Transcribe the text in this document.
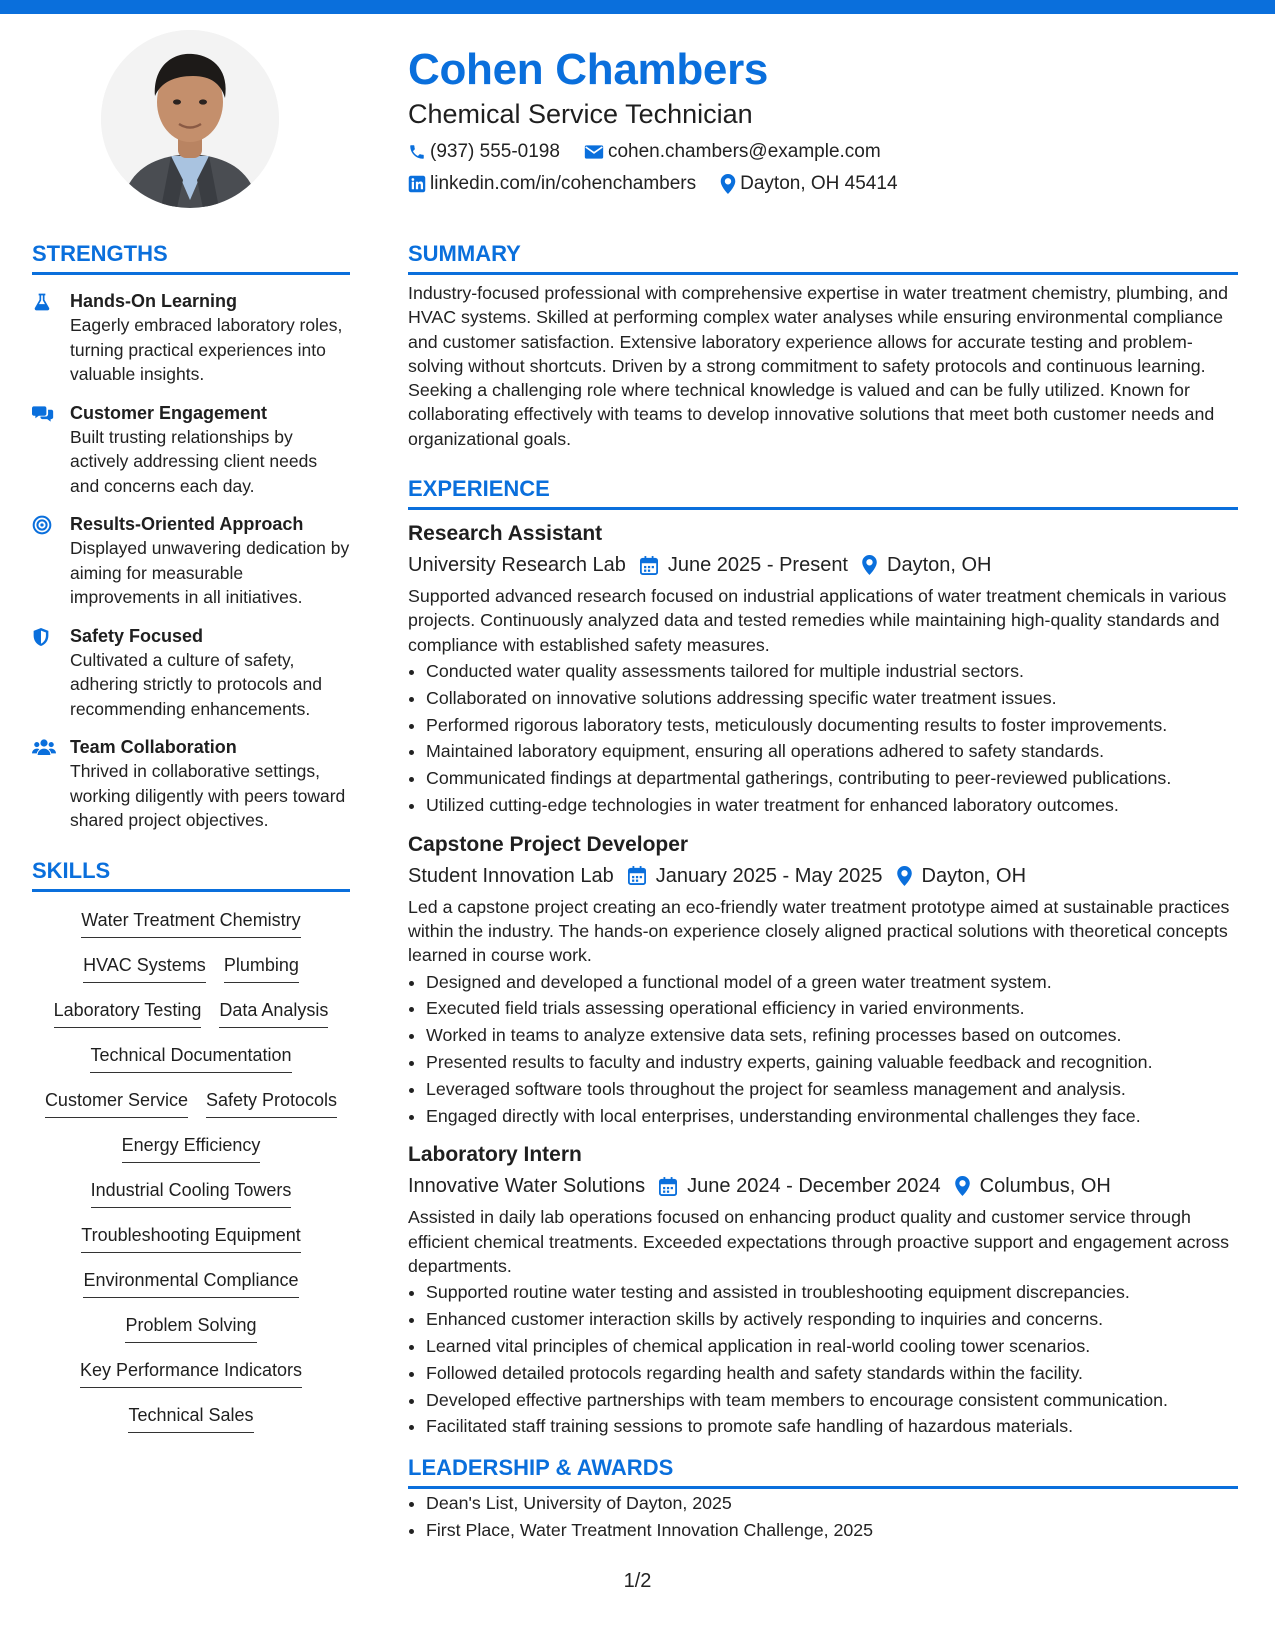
Cohen Chambers
Chemical Service Technician
(937) 555-0198	cohen.chambers@example.com
linkedin.com/in/cohenchambers Dayton, OH 45414
STRENGTHS
Hands-On Learning
Eagerly embraced laboratory roles, turning practical experiences into valuable insights.
Customer Engagement
Built trusting relationships by actively addressing client needs and concerns each day.
Results-Oriented Approach
Displayed unwavering dedication by aiming for measurable improvements in all initiatives.
Safety Focused
Cultivated a culture of safety, adhering strictly to protocols and recommending enhancements.
Team Collaboration
Thrived in collaborative settings, working diligently with peers toward shared project objectives.
SKILLS
Water Treatment Chemistry
HVAC Systems Plumbing
Laboratory Testing Data Analysis
Technical Documentation
Customer Service Safety Protocols
Energy Efficiency
Industrial Cooling Towers
Troubleshooting Equipment
Environmental Compliance
Problem Solving
Key Performance Indicators
Technical Sales
SUMMARY
Industry-focused professional with comprehensive expertise in water treatment chemistry, plumbing, and HVAC systems. Skilled at performing complex water analyses while ensuring environmental compliance and customer satisfaction. Extensive laboratory experience allows for accurate testing and problem-solving without shortcuts. Driven by a strong commitment to safety protocols and continuous learning. Seeking a challenging role where technical knowledge is valued and can be fully utilized. Known for collaborating effectively with teams to develop innovative solutions that meet both customer needs and organizational goals.
EXPERIENCE
Research Assistant
University Research Lab June 2025 - Present Dayton, OH
Supported advanced research focused on industrial applications of water treatment chemicals in various projects. Continuously analyzed data and tested remedies while maintaining high-quality standards and compliance with established safety measures.
• Conducted water quality assessments tailored for multiple industrial sectors.
• Collaborated on innovative solutions addressing specific water treatment issues.
• Performed rigorous laboratory tests, meticulously documenting results to foster improvements.
• Maintained laboratory equipment, ensuring all operations adhered to safety standards.
• Communicated findings at departmental gatherings, contributing to peer-reviewed publications.
• Utilized cutting-edge technologies in water treatment for enhanced laboratory outcomes.
Capstone Project Developer
Student Innovation Lab January 2025 - May 2025 Dayton, OH
Led a capstone project creating an eco-friendly water treatment prototype aimed at sustainable practices within the industry. The hands-on experience closely aligned practical solutions with theoretical concepts learned in course work.
• Designed and developed a functional model of a green water treatment system.
• Executed field trials assessing operational efficiency in varied environments.
• Worked in teams to analyze extensive data sets, refining processes based on outcomes.
• Presented results to faculty and industry experts, gaining valuable feedback and recognition.
• Leveraged software tools throughout the project for seamless management and analysis.
• Engaged directly with local enterprises, understanding environmental challenges they face.
Laboratory Intern
Innovative Water Solutions June 2024 - December 2024 Columbus, OH
Assisted in daily lab operations focused on enhancing product quality and customer service through efficient chemical treatments. Exceeded expectations through proactive support and engagement across departments.
• Supported routine water testing and assisted in troubleshooting equipment discrepancies.
• Enhanced customer interaction skills by actively responding to inquiries and concerns.
• Learned vital principles of chemical application in real-world cooling tower scenarios.
• Followed detailed protocols regarding health and safety standards within the facility.
• Developed effective partnerships with team members to encourage consistent communication.
• Facilitated staff training sessions to promote safe handling of hazardous materials.
LEADERSHIP & AWARDS
• Dean's List, University of Dayton, 2025
• First Place, Water Treatment Innovation Challenge, 2025
1/2
